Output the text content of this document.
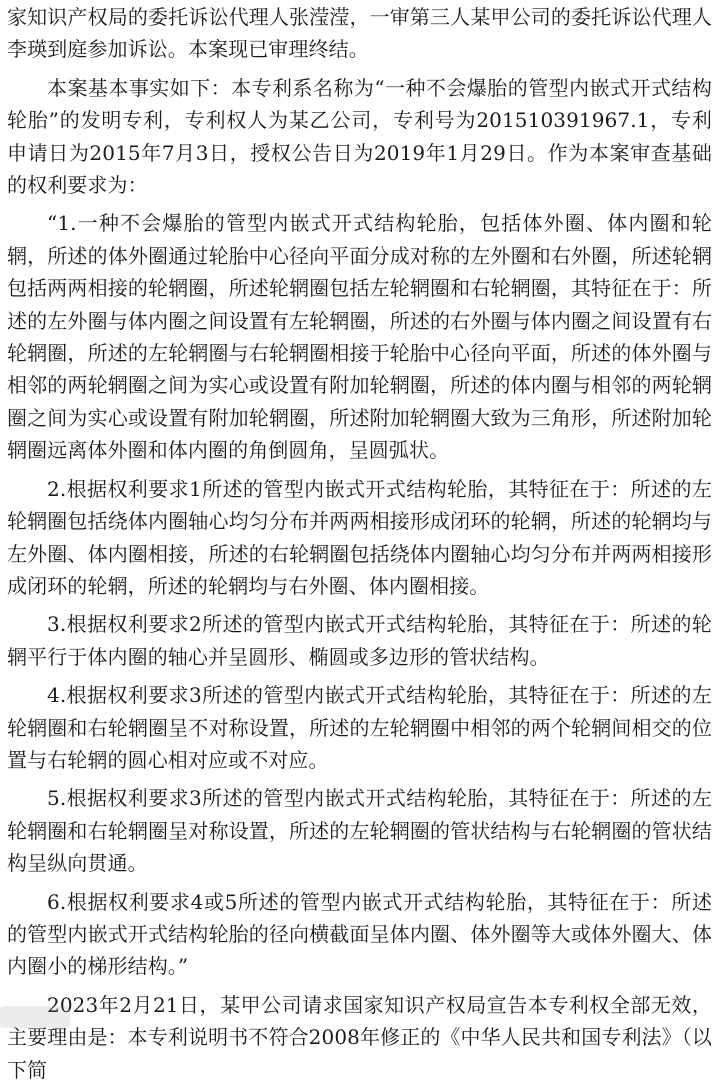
家知识产权局的委托诉讼代理人张滢滢，一审第三人某甲公司的委托诉讼代理人李瑛到庭参加诉讼。本案现已审理终结。

本案基本事实如下：本专利系名称为“一种不会爆胎的管型内嵌式开式结构轮胎”的发明专利，专利权人为某乙公司，专利号为201510391967.1，专利申请日为2015年7月3日，授权公告日为2019年1月29日。作为本案审查基础的权利要求为：

“1.一种不会爆胎的管型内嵌式开式结构轮胎，包括体外圈、体内圈和轮辋，所述的体外圈通过轮胎中心径向平面分成对称的左外圈和右外圈，所述轮辋包括两两相接的轮辋圈，所述轮辋圈包括左轮辋圈和右轮辋圈，其特征在于：所述的左外圈与体内圈之间设置有左轮辋圈，所述的右外圈与体内圈之间设置有右轮辋圈，所述的左轮辋圈与右轮辋圈相接于轮胎中心径向平面，所述的体外圈与相邻的两轮辋圈之间为实心或设置有附加轮辋圈，所述的体内圈与相邻的两轮辋圈之间为实心或设置有附加轮辋圈，所述附加轮辋圈大致为三角形，所述附加轮辋圈远离体外圈和体内圈的角倒圆角，呈圆弧状。

2.根据权利要求1所述的管型内嵌式开式结构轮胎，其特征在于：所述的左轮辋圈包括绕体内圈轴心均匀分布并两两相接形成闭环的轮辋，所述的轮辋均与左外圈、体内圈相接，所述的右轮辋圈包括绕体内圈轴心均匀分布并两两相接形成闭环的轮辋，所述的轮辋均与右外圈、体内圈相接。

3.根据权利要求2所述的管型内嵌式开式结构轮胎，其特征在于：所述的轮辋平行于体内圈的轴心并呈圆形、椭圆或多边形的管状结构。

4.根据权利要求3所述的管型内嵌式开式结构轮胎，其特征在于：所述的左轮辋圈和右轮辋圈呈不对称设置，所述的左轮辋圈中相邻的两个轮辋间相交的位置与右轮辋的圆心相对应或不对应。

5.根据权利要求3所述的管型内嵌式开式结构轮胎，其特征在于：所述的左轮辋圈和右轮辋圈呈对称设置，所述的左轮辋圈的管状结构与右轮辋圈的管状结构呈纵向贯通。

6.根据权利要求4或5所述的管型内嵌式开式结构轮胎，其特征在于：所述的管型内嵌式开式结构轮胎的径向横截面呈体内圈、体外圈等大或体外圈大、体内圈小的梯形结构。”

2023年2月21日，某甲公司请求国家知识产权局宣告本专利权全部无效，主要理由是：本专利说明书不符合2008年修正的《中华人民共和国专利法》（以下简
